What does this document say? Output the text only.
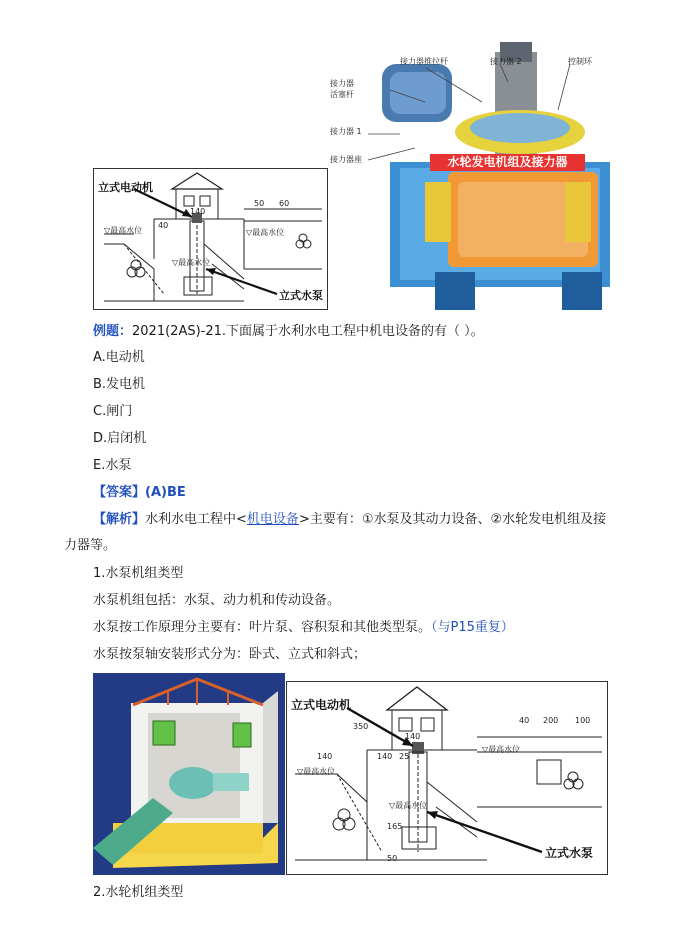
立式电动机
立式水泵
140
50 60
40
▽最高水位
▽最高水位
▽最高水位
接力器推拉杆	接力器 2	控制环
接力器
活塞杆
接力器 1
接力器座	水轮发电机组及接力器
例题：2021(2AS)-21.下面属于水利水电工程中机电设备的有（ ）。
A.电动机
B.发电机
C.闸门
D.启闭机
E.水泵
【答案】(A)BE
【解析】水利水电工程中<机电设备>主要有：①水泵及其动力设备、②水轮发电机组及接
力器等。
1.水泵机组类型
水泵机组包括：水泵、动力机和传动设备。
水泵按工作原理分主要有：叶片泵、容积泵和其他类型泵。（与P15重复）
水泵按泵轴安装形式分为：卧式、立式和斜式；
立式电动机
立式水泵
140
25
140
40 200 100
350
140
165
50
▽最高水位
▽最高水位
▽最高水位
2.水轮机组类型
